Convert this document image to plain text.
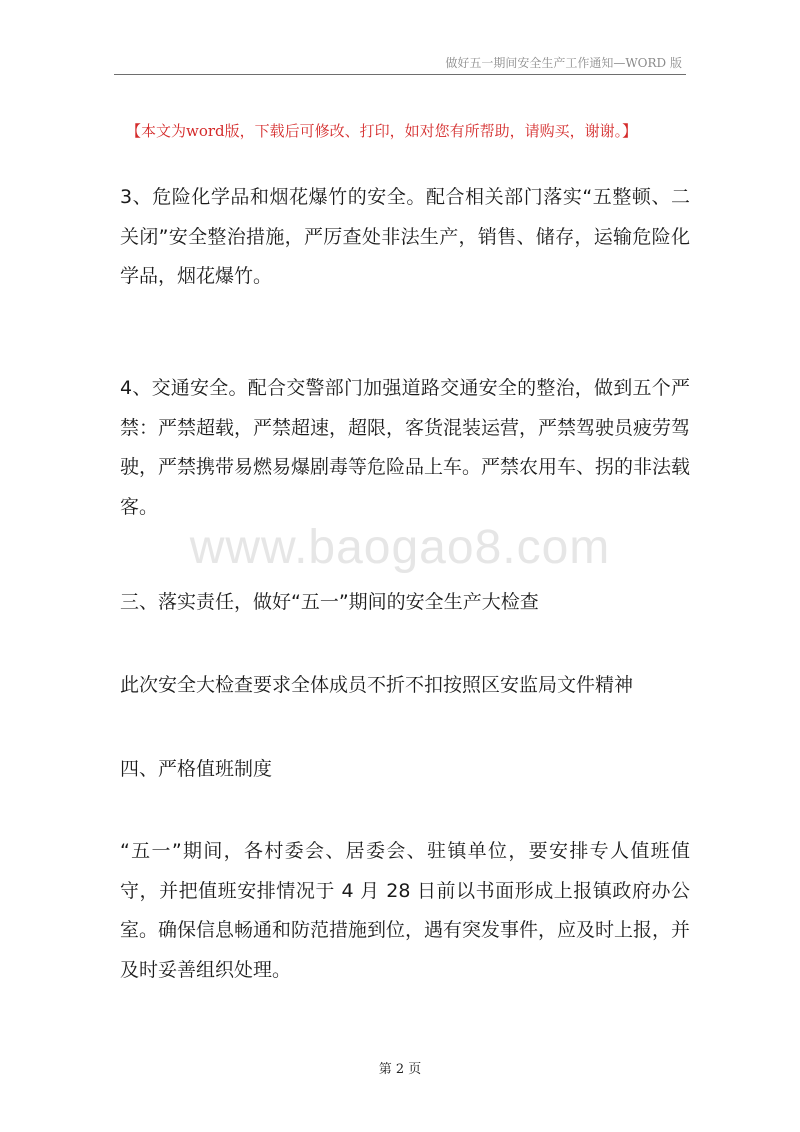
做好五一期间安全生产工作通知—WORD 版
【本文为word版，下载后可修改、打印，如对您有所帮助，请购买，谢谢。】

3、危险化学品和烟花爆竹的安全。配合相关部门落实“五整顿、二关闭”安全整治措施，严厉查处非法生产，销售、储存，运输危险化学品，烟花爆竹。

4、交通安全。配合交警部门加强道路交通安全的整治，做到五个严禁：严禁超载，严禁超速，超限，客货混装运营，严禁驾驶员疲劳驾驶，严禁携带易燃易爆剧毒等危险品上车。严禁农用车、拐的非法载客。

www.baogao8.com

三、落实责任，做好“五一”期间的安全生产大检查

此次安全大检查要求全体成员不折不扣按照区安监局文件精神

四、严格值班制度

“五一”期间，各村委会、居委会、驻镇单位，要安排专人值班值守，并把值班安排情况于 4 月 28 日前以书面形成上报镇政府办公室。确保信息畅通和防范措施到位，遇有突发事件，应及时上报，并及时妥善组织处理。

第 2 页
